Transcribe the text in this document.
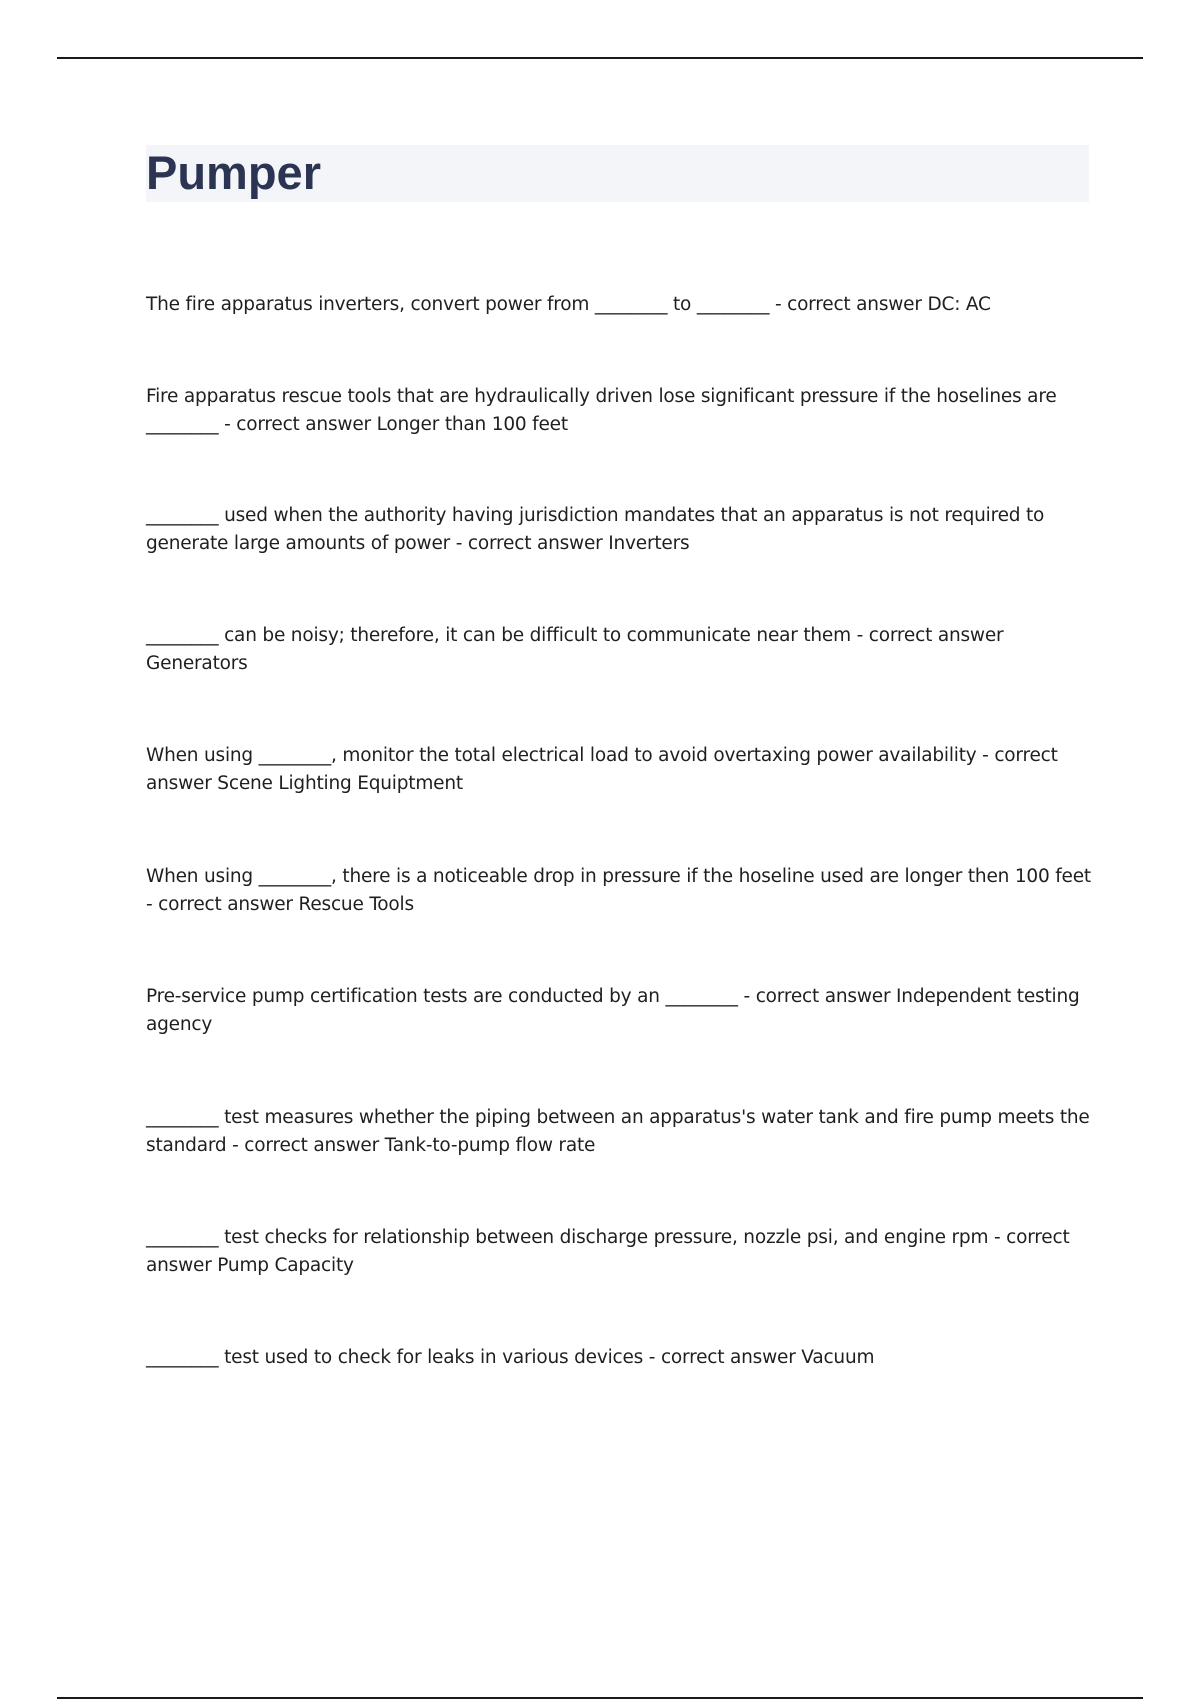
Pumper
The fire apparatus inverters, convert power from ________ to ________ - correct answer DC: AC
Fire apparatus rescue tools that are hydraulically driven lose significant pressure if the hoselines are ________ - correct answer Longer than 100 feet
________ used when the authority having jurisdiction mandates that an apparatus is not required to generate large amounts of power - correct answer Inverters
________ can be noisy; therefore, it can be difficult to communicate near them - correct answer Generators
When using ________, monitor the total electrical load to avoid overtaxing power availability - correct answer Scene Lighting Equiptment
When using ________, there is a noticeable drop in pressure if the hoseline used are longer then 100 feet - correct answer Rescue Tools
Pre-service pump certification tests are conducted by an ________ - correct answer Independent testing agency
________ test measures whether the piping between an apparatus's water tank and fire pump meets the standard - correct answer Tank-to-pump flow rate
________ test checks for relationship between discharge pressure, nozzle psi, and engine rpm - correct answer Pump Capacity
________ test used to check for leaks in various devices - correct answer Vacuum
